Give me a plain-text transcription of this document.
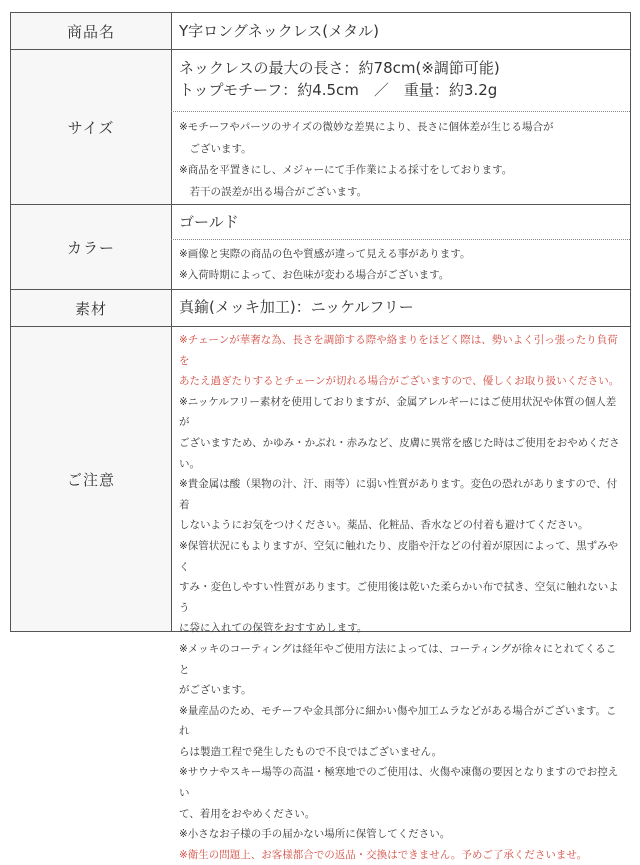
商品名	Y字ロングネックレス(メタル)
サイズ
ネックレスの最大の長さ：約78cm(※調節可能)
トップモチーフ：約4.5cm　／　重量：約3.2g

※モチーフやパーツのサイズの微妙な差異により、長さに個体差が生じる場合が

　ございます。

※商品を平置きにし、メジャーにて手作業による採寸をしております。

　若干の誤差が出る場合がございます。

カラー
ゴールド

※画像と実際の商品の色や質感が違って見える事があります。

※入荷時期によって、お色味が変わる場合がございます。

素材	真鍮(メッキ加工)：ニッケルフリー
ご注意

※チェーンが華奢な為、長さを調節する際や絡まりをほどく際は、勢いよく引っ張ったり負荷を

あたえ過ぎたりするとチェーンが切れる場合がございますので、優しくお取り扱いください。

※ニッケルフリー素材を使用しておりますが、金属アレルギーにはご使用状況や体質の個人差が

ございますため、かゆみ・かぶれ・赤みなど、皮膚に異常を感じた時はご使用をおやめくださ

い。

※貴金属は酸（果物の汁、汗、雨等）に弱い性質があります。変色の恐れがありますので、付着

しないようにお気をつけください。薬品、化粧品、香水などの付着も避けてください。

※保管状況にもよりますが、空気に触れたり、皮脂や汗などの付着が原因によって、黒ずみやく

すみ・変色しやすい性質があります。ご使用後は乾いた柔らかい布で拭き、空気に触れないよう

に袋に入れての保管をおすすめします。

※メッキのコーティングは経年やご使用方法によっては、コーティングが徐々にとれてくること

がございます。

※量産品のため、モチーフや金具部分に細かい傷や加工ムラなどがある場合がございます。これ

らは製造工程で発生したもので不良ではございません。

※サウナやスキー場等の高温・極寒地でのご使用は、火傷や凍傷の要因となりますのでお控えい

て、着用をおやめください。

※小さなお子様の手の届かない場所に保管してください。

※衛生の問題上、お客様都合での返品・交換はできません。予めご了承くださいませ。
